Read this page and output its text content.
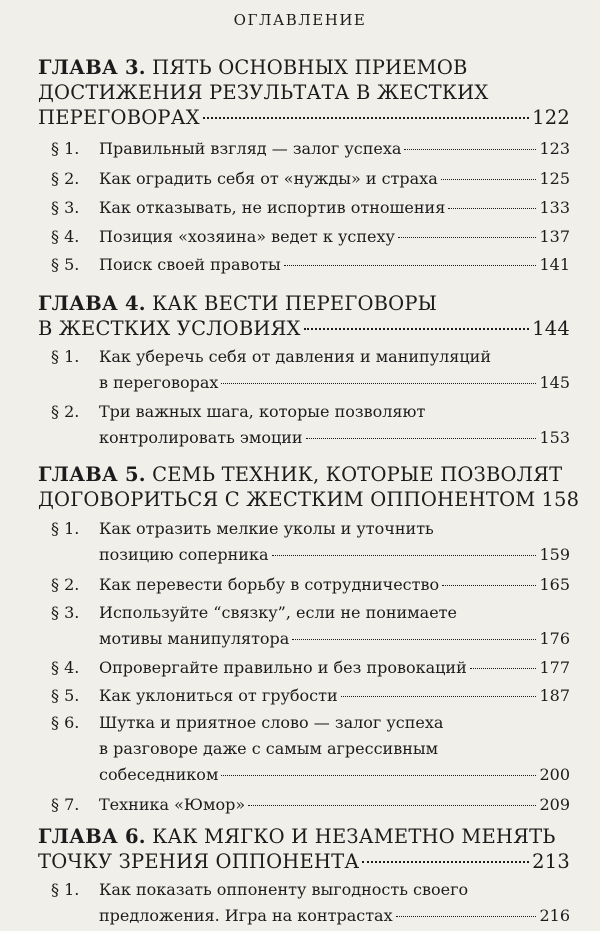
ОГЛАВЛЕНИЕ
ГЛАВА 3. ПЯТЬ ОСНОВНЫХ ПРИЕМОВ
ДОСТИЖЕНИЯ РЕЗУЛЬТАТА В ЖЕСТКИХ
ПЕРЕГОВОРАХ	122
§ 1.	Правильный взгляд — залог успеха	123
§ 2.	Как оградить себя от «нужды» и страха	125
§ 3.	Как отказывать, не испортив отношения	133
§ 4.	Позиция «хозяина» ведет к успеху	137
§ 5.	Поиск своей правоты	141
ГЛАВА 4. КАК ВЕСТИ ПЕРЕГОВОРЫ
В ЖЕСТКИХ УСЛОВИЯХ	144
§ 1.	Как уберечь себя от давления и манипуляций
в переговорах	145
§ 2.	Три важных шага, которые позволяют
контролировать эмоции	153
ГЛАВА 5. СЕМЬ ТЕХНИК, КОТОРЫЕ ПОЗВОЛЯТ
ДОГОВОРИТЬСЯ С ЖЕСТКИМ ОППОНЕНТОМ 158
§ 1.	Как отразить мелкие уколы и уточнить
позицию соперника	159
§ 2.	Как перевести борьбу в сотрудничество	165
§ 3.	Используйте “связку”, если не понимаете
мотивы манипулятора	176
§ 4.	Опровергайте правильно и без провокаций	177
§ 5.	Как уклониться от грубости	187
§ 6.	Шутка и приятное слово — залог успеха
в разговоре даже с самым агрессивным
собеседником	200
§ 7.	Техника «Юмор»	209
ГЛАВА 6. КАК МЯГКО И НЕЗАМЕТНО МЕНЯТЬ
ТОЧКУ ЗРЕНИЯ ОППОНЕНТА	213
§ 1.	Как показать оппоненту выгодность своего
предложения. Игра на контрастах	216
